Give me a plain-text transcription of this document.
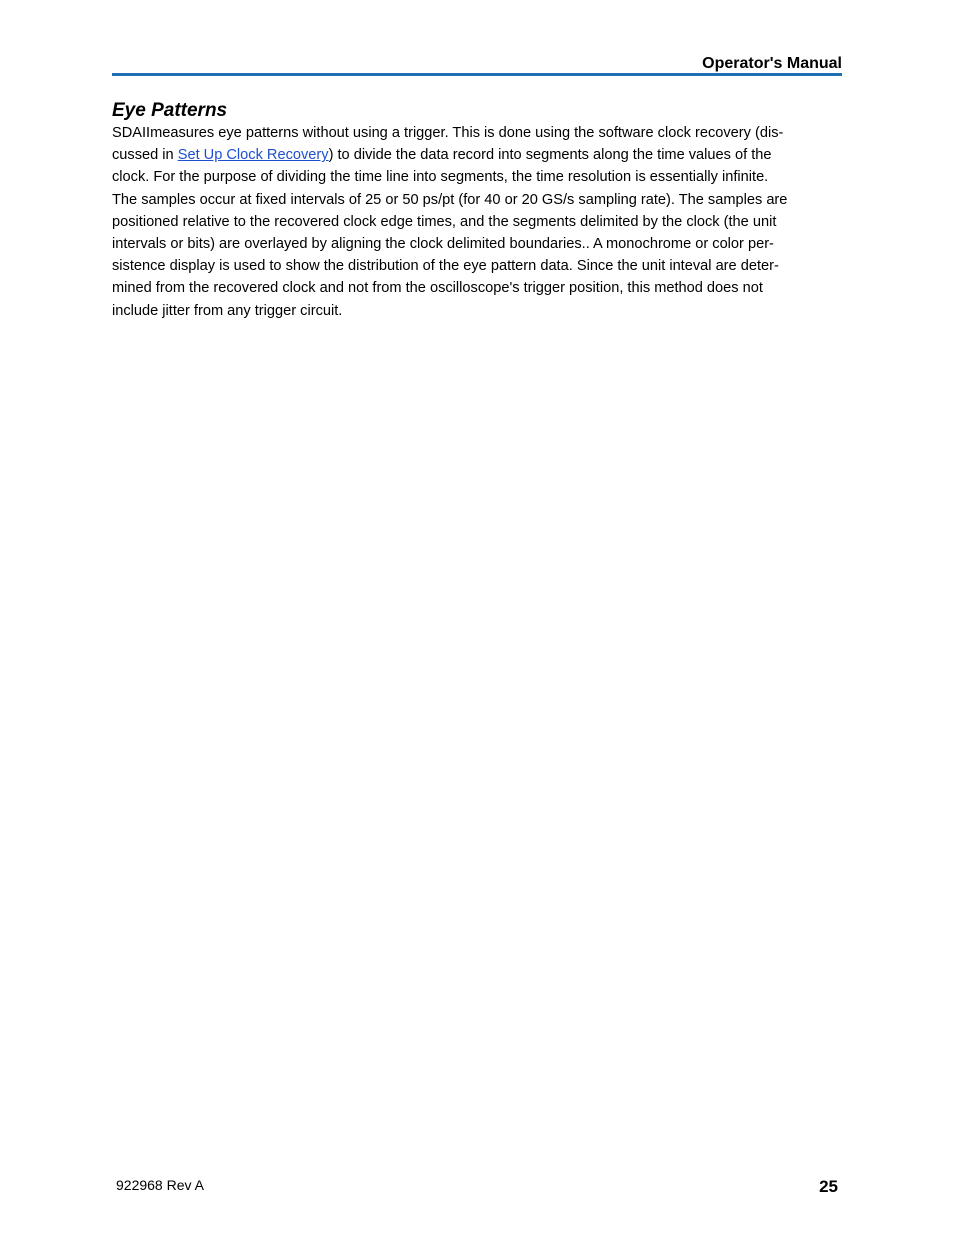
Operator's Manual
Eye Patterns
SDAIImeasures eye patterns without using a trigger. This is done using the software clock recovery (dis-
cussed in Set Up Clock Recovery) to divide the data record into segments along the time values of the
clock. For the purpose of dividing the time line into segments, the time resolution is essentially infinite.
The samples occur at fixed intervals of 25 or 50 ps/pt (for 40 or 20 GS/s sampling rate). The samples are
positioned relative to the recovered clock edge times, and the segments delimited by the clock (the unit
intervals or bits) are overlayed by aligning the clock delimited boundaries.. A monochrome or color per-
sistence display is used to show the distribution of the eye pattern data. Since the unit inteval are deter-
mined from the recovered clock and not from the oscilloscope's trigger position, this method does not
include jitter from any trigger circuit.
922968 Rev A	25
